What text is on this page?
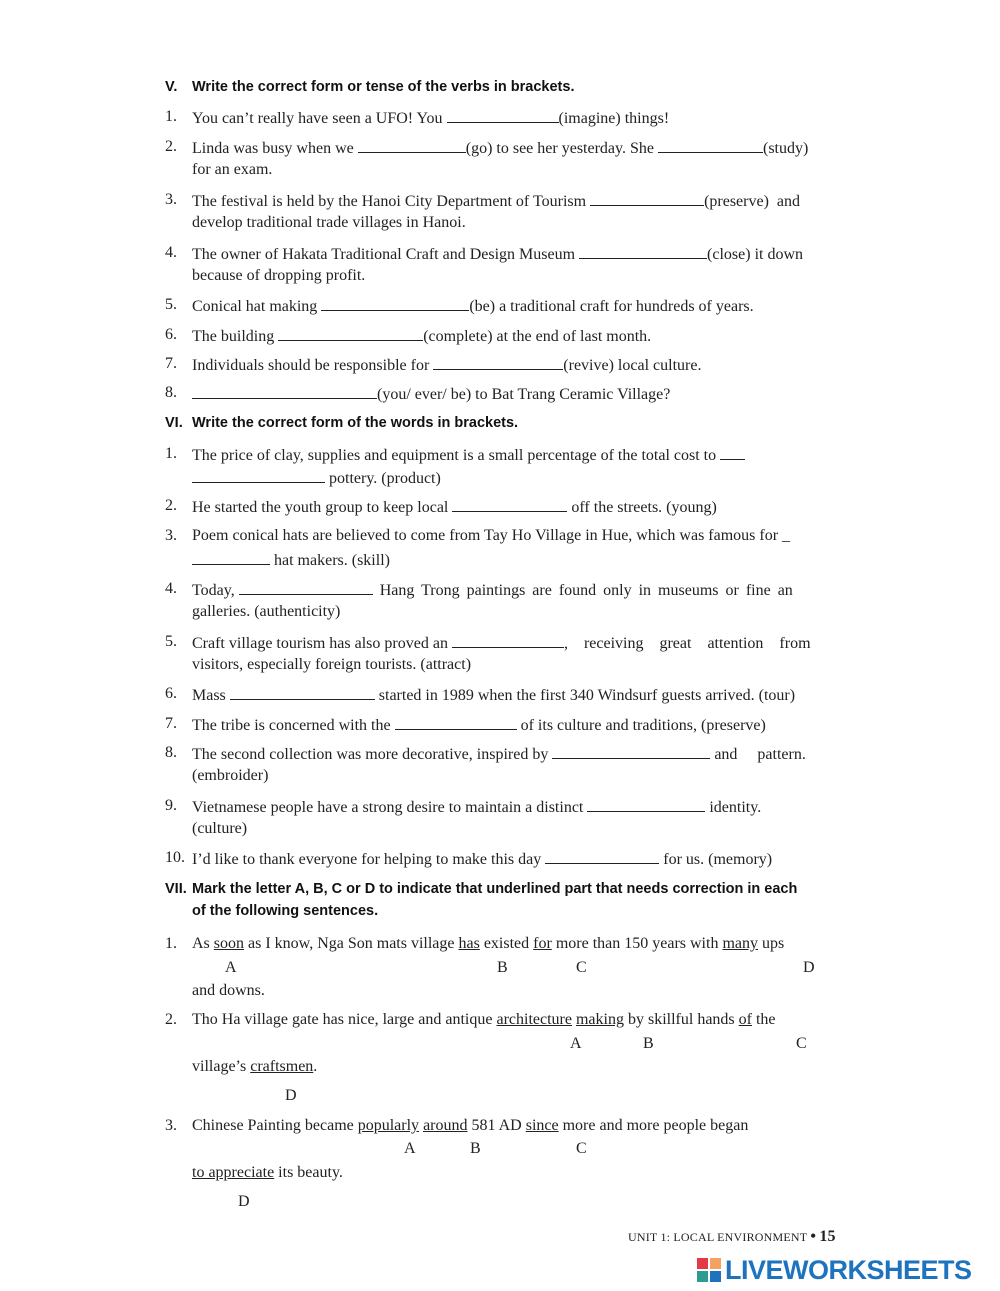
V. Write the correct form or tense of the verbs in brackets.
1. You can’t really have seen a UFO! You	(imagine) things!
2. Linda was busy when we	(go) to see her yesterday. She	(study)
for an exam.
3. The festival is held by the Hanoi City Department of Tourism	(preserve)  and
develop traditional trade villages in Hanoi.
4. The owner of Hakata Traditional Craft and Design Museum	(close) it down
because of dropping profit.
5. Conical hat making	(be) a traditional craft for hundreds of years.
6. The building	(complete) at the end of last month.
7. Individuals should be responsible for	(revive) local culture.
8.	(you/ ever/ be) to Bat Trang Ceramic Village?
VI. Write the correct form of the words in brackets.
1. The price of clay, supplies and equipment is a small percentage of the total cost to
pottery. (product)
2. He started the youth group to keep local	off the streets. (young)
3. Poem conical hats are believed to come from Tay Ho Village in Hue, which was famous for _
hat makers. (skill)
4. Today,	Hang Trong paintings are found only in museums or fine an
galleries. (authenticity)
5. Craft village tourism has also proved an	,  receiving  great  attention  from
visitors, especially foreign tourists. (attract)
6. Mass	started in 1989 when the first 340 Windsurf guests arrived. (tour)
7. The tribe is concerned with the	of its culture and traditions, (preserve)
8. The second collection was more decorative, inspired by	and     pattern.
(embroider)
9. Vietnamese people have a strong desire to maintain a distinct	identity.
(culture)
10. I’d like to thank everyone for helping to make this day	for us. (memory)
VII. Mark the letter A, B, C or D to indicate that underlined part that needs correction in each
of the following sentences.
1. As soon as I know, Nga Son mats village has existed for more than 150 years with many ups
A	B	C	D
and downs.
2. Tho Ha village gate has nice, large and antique architecture making by skillful hands of the
A	B	C
village’s craftsmen.
D
3. Chinese Painting became popularly around 581 AD since more and more people began
A	B	C
to appreciate its beauty.
D
UNIT 1: LOCAL ENVIRONMENT • 15
LIVEWORKSHEETS
